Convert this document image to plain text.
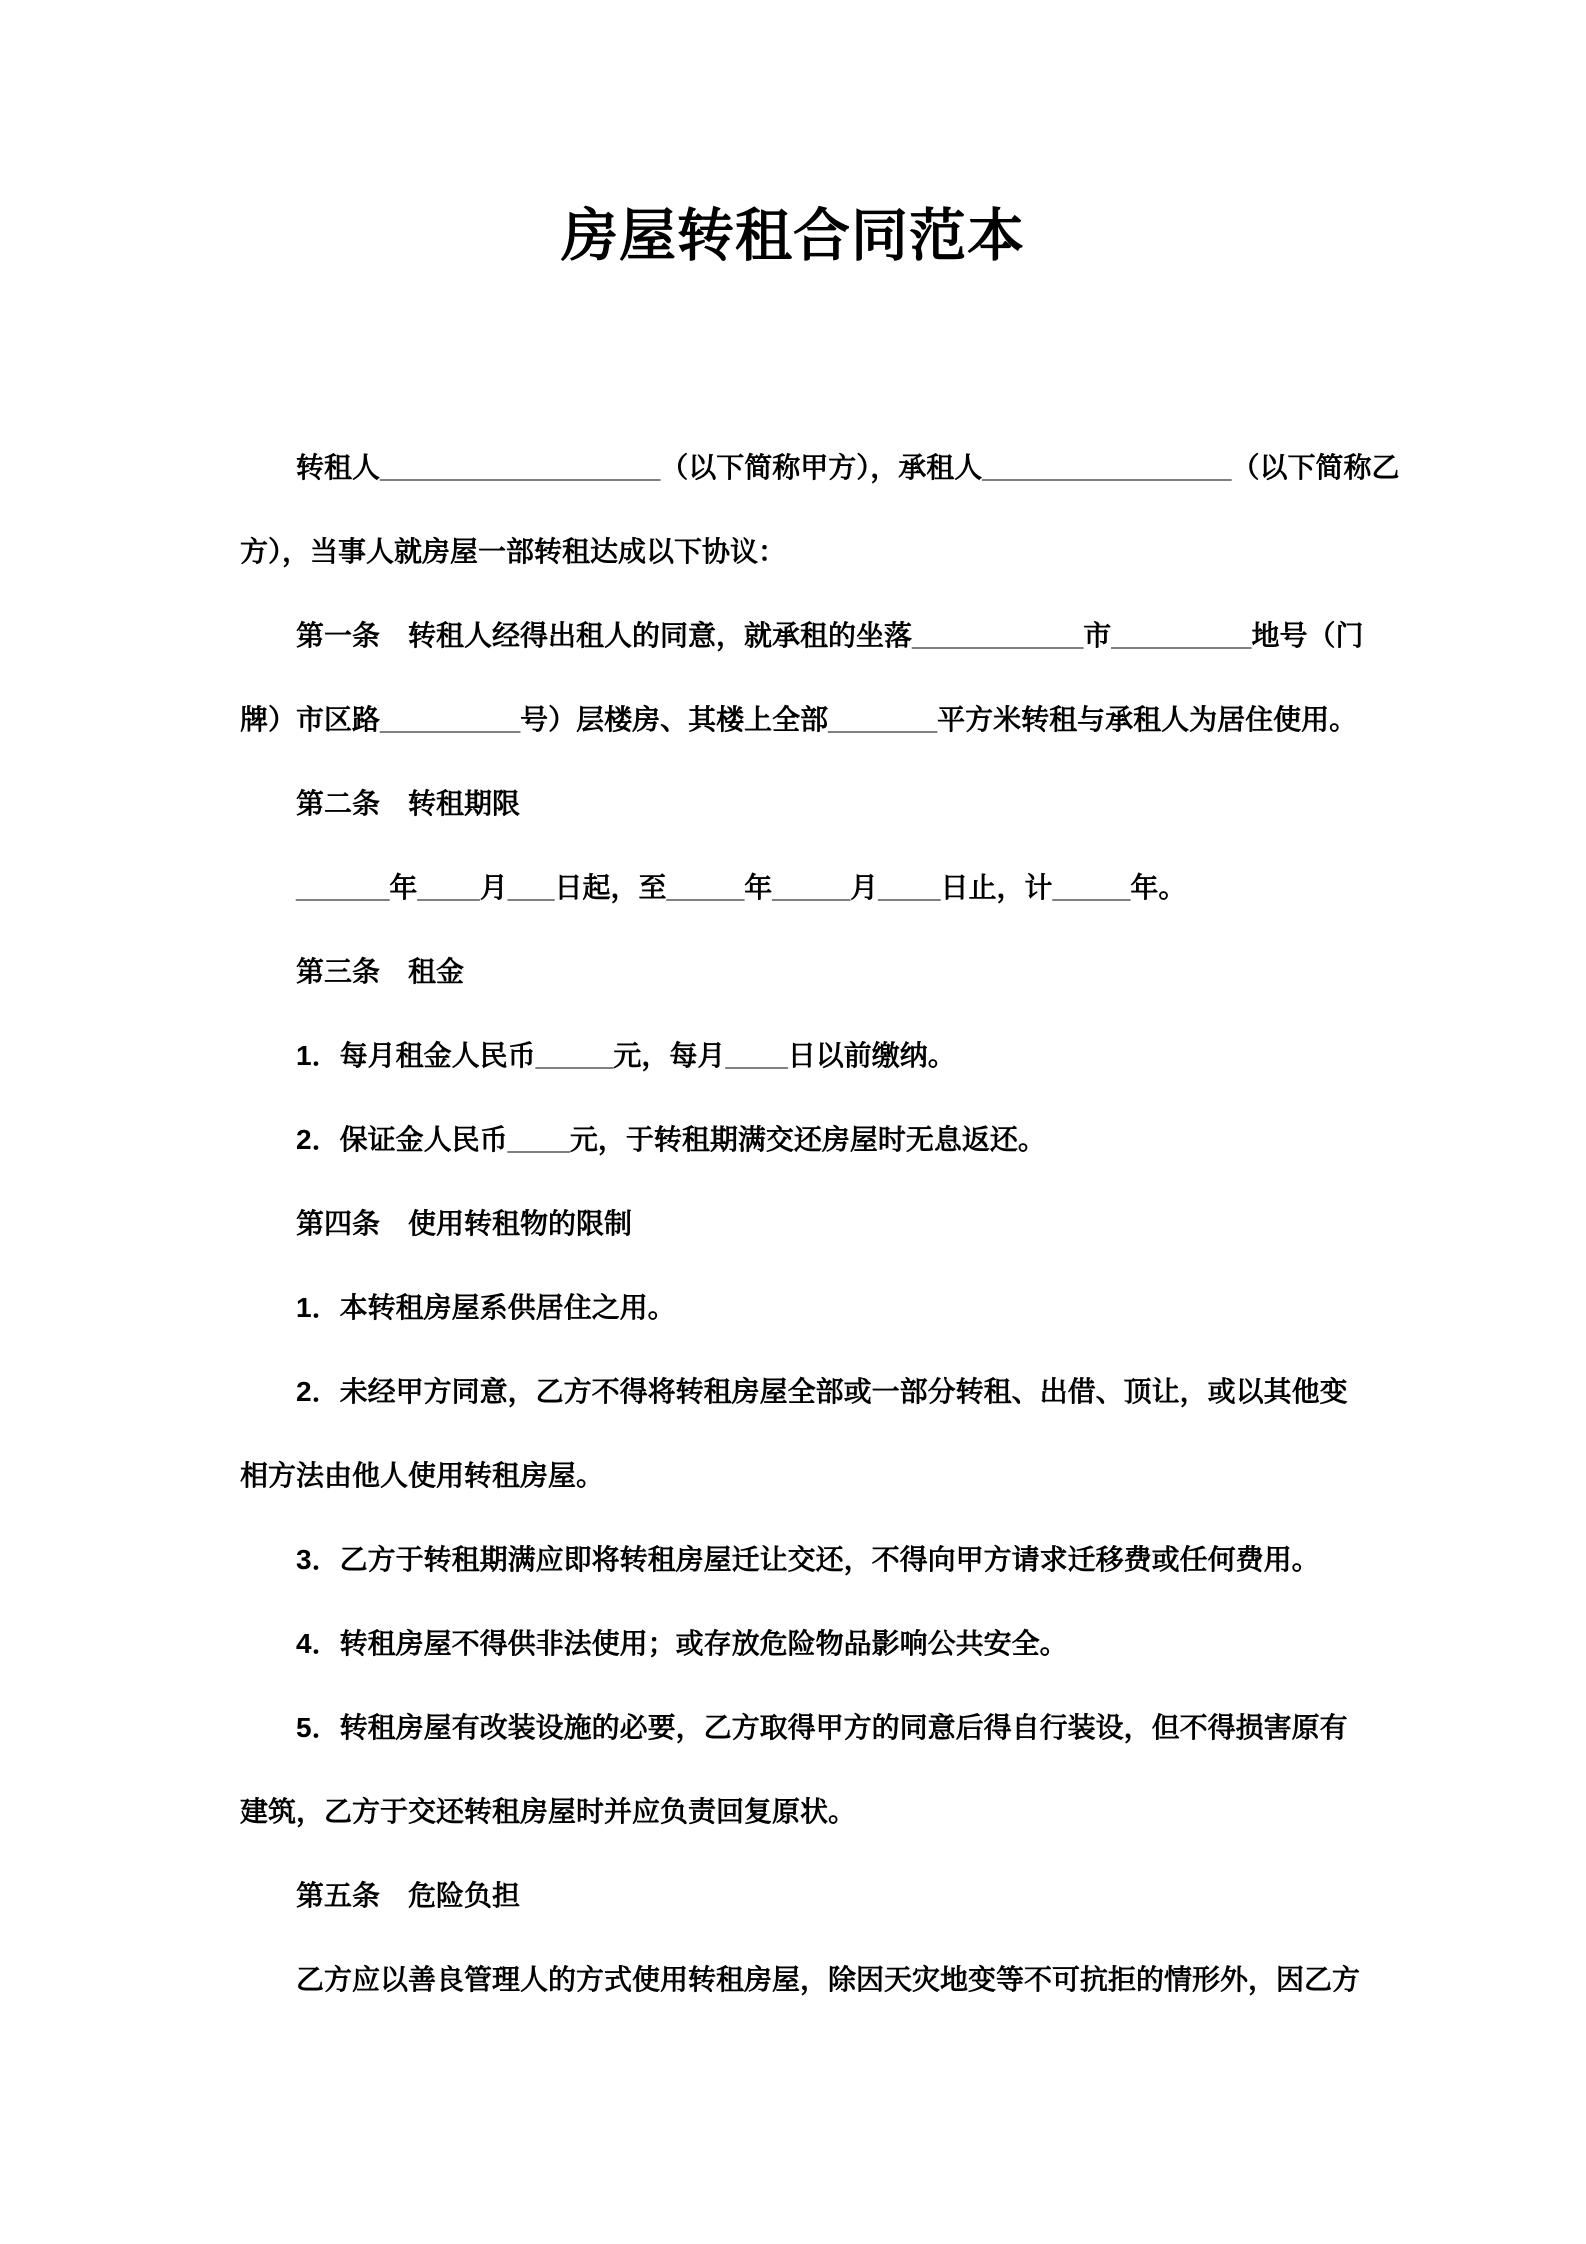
房屋转租合同范本
转租人__________________（以下简称甲方），承租人________________（以下简称乙
方），当事人就房屋一部转租达成以下协议：
第一条　转租人经得出租人的同意，就承租的坐落___________市_________地号（门
牌）市区路_________号）层楼房、其楼上全部_______平方米转租与承租人为居住使用。
第二条　转租期限
______年____月___日起，至_____年_____月____日止，计_____年。
第三条　租金
1．每月租金人民币_____元，每月____日以前缴纳。
2．保证金人民币____元，于转租期满交还房屋时无息返还。
第四条　使用转租物的限制
1．本转租房屋系供居住之用。
2．未经甲方同意，乙方不得将转租房屋全部或一部分转租、出借、顶让，或以其他变
相方法由他人使用转租房屋。
3．乙方于转租期满应即将转租房屋迁让交还，不得向甲方请求迁移费或任何费用。
4．转租房屋不得供非法使用；或存放危险物品影响公共安全。
5．转租房屋有改装设施的必要，乙方取得甲方的同意后得自行装设，但不得损害原有
建筑，乙方于交还转租房屋时并应负责回复原状。
第五条　危险负担
乙方应以善良管理人的方式使用转租房屋，除因天灾地变等不可抗拒的情形外，因乙方
